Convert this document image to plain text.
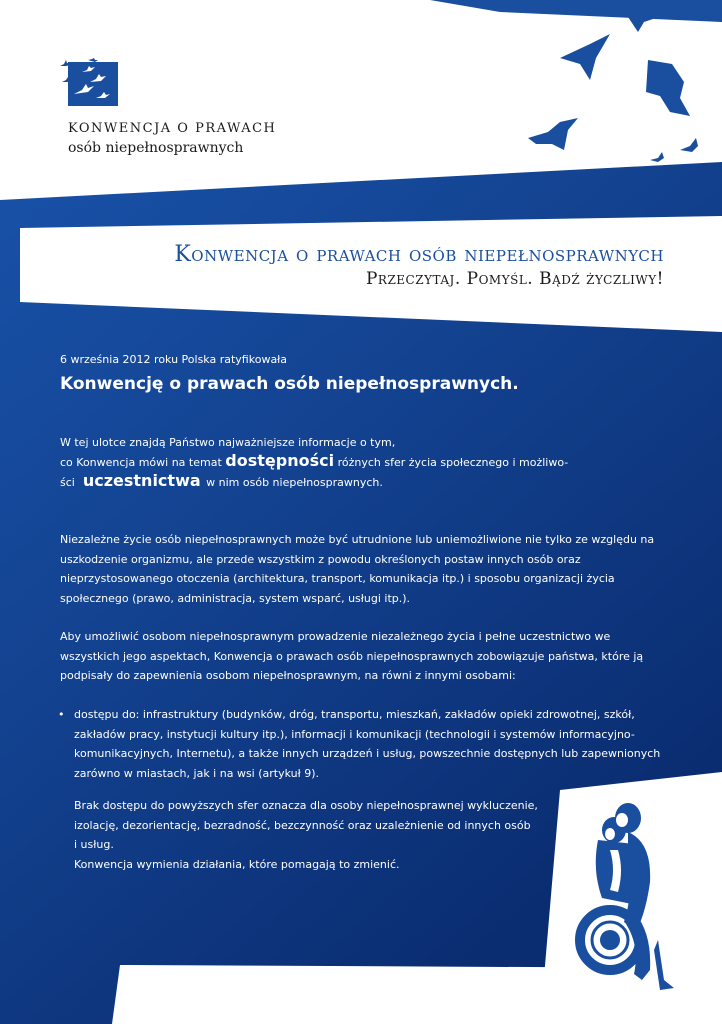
KONWENCJA O PRAWACH
osób niepełnosprawnych
Konwencja o prawach osób niepełnosprawnych
Przeczytaj. Pomyśl. Bądź życzliwy!
6 września 2012 roku Polska ratyfikowała
Konwencję o prawach osób niepełnosprawnych.
W tej ulotce znajdą Państwo najważniejsze informacje o tym,
co Konwencja mówi na temat dostępności różnych sfer życia społecznego i możliwo-
ści uczestnictwa w nim osób niepełnosprawnych.
Niezależne życie osób niepełnosprawnych może być utrudnione lub uniemożliwione nie tylko ze względu na uszkodzenie organizmu, ale przede wszystkim z powodu określonych postaw innych osób oraz nieprzystosowanego otoczenia (architektura, transport, komunikacja itp.) i sposobu organizacji życia społecznego (prawo, administracja, system wsparć, usługi itp.).
Aby umożliwić osobom niepełnosprawnym prowadzenie niezależnego życia i pełne uczestnictwo we wszystkich jego aspektach, Konwencja o prawach osób niepełnosprawnych zobowiązuje państwa, które ją podpisały do zapewnienia osobom niepełnosprawnym, na równi z innymi osobami:
• dostępu do: infrastruktury (budynków, dróg, transportu, mieszkań, zakładów opieki zdrowotnej, szkół, zakładów pracy, instytucji kultury itp.), informacji i komunikacji (technologii i systemów informacyjno-komunikacyjnych, Internetu), a także innych urządzeń i usług, powszechnie dostępnych lub zapewnionych zarówno w miastach, jak i na wsi (artykuł 9).
Brak dostępu do powyższych sfer oznacza dla osoby niepełnosprawnej wykluczenie,
izolację, dezorientację, bezradność, bezczynność oraz uzależnienie od innych osób
i usług.
Konwencja wymienia działania, które pomagają to zmienić.
